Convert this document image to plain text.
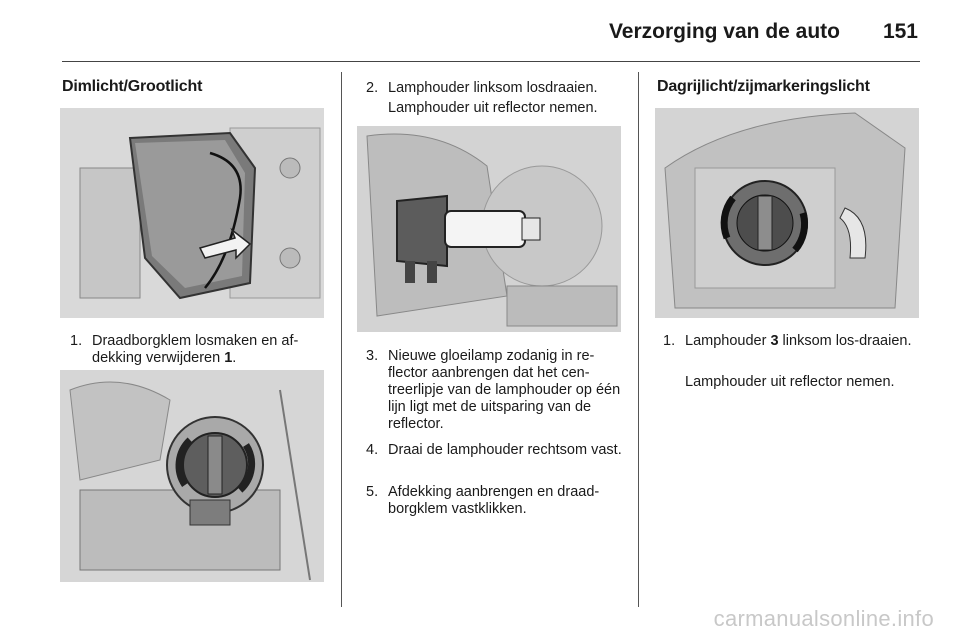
Verzorging van de auto 151
Dimlicht/Grootlicht
1. Draadborgklem losmaken en af-dekking verwijderen 1.
2. Lamphouder linksom losdraaien.
Lamphouder uit reflector nemen.
3. Nieuwe gloeilamp zodanig in re-flector aanbrengen dat het cen-treerlipje van de lamphouder op één lijn ligt met de uitsparing van de reflector.
4. Draai de lamphouder rechtsom vast.
5. Afdekking aanbrengen en draad-borgklem vastklikken.
Dagrijlicht/zijmarkeringslicht
1. Lamphouder 3 linksom los-draaien.
Lamphouder uit reflector nemen.
carmanualsonline.info
